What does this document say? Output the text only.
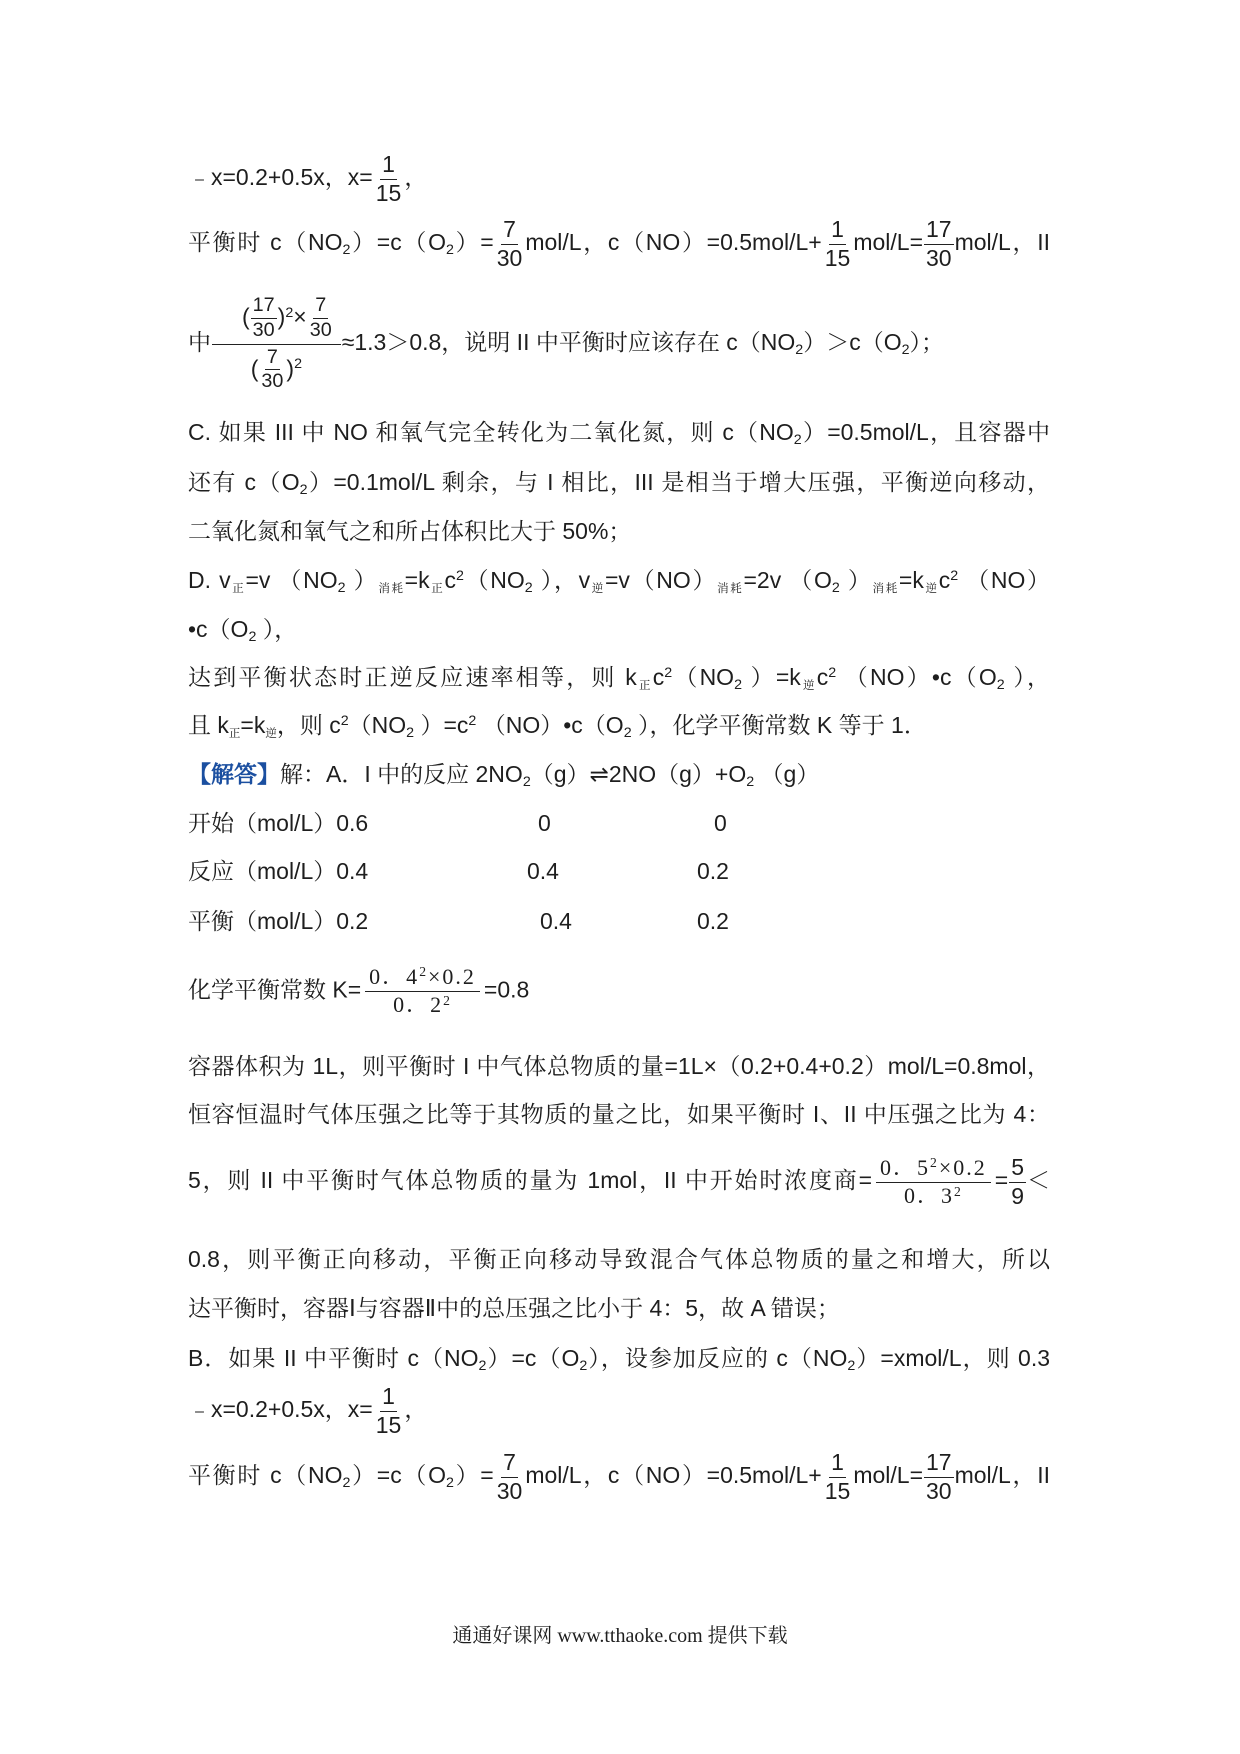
﹣x=0.2+0.5x，$x= \frac{1}{15}$ ，
平衡时 $c(NO_2)=c(O_2)= \frac{7}{30} mol/L$，$c(NO)=0.5mol/L+ \frac{1}{15} mol/L= \frac{17}{30} mol/L$，II
中 $\frac{( \frac{17}{30} )^2\times \frac{7}{30}}{( \frac{7}{30} )^2} \approx 1.3>0.8$，说明 II 中平衡时应该存在 $c(NO_2)>c(O_2)$；
C. 如果 III 中 NO 和氧气完全转化为二氧化氮，则 $c(NO_2)=0.5mol/L$，且容器中
还有 $c(O_2)=0.1mol/L$ 剩余，与 I 相比，III 是相当于增大压强，平衡逆向移动，
二氧化氮和氧气之和所占体积比大于 50%；
D. $v_正=v$ （$NO_2$ ）$_{消耗}=k_正c^2(NO_2$ ），$v_逆=v(NO)_{消耗}=2v$ （$O_2$ ）$_{消耗}=k_逆c^2$ （NO）
$•c(O_2$ ），
达到平衡状态时正逆反应速率相等，则 $k_正c^2(NO_2$ ）$=k_逆c^2$ $(NO)•c(O_2$ ），
且 $k_正=k_逆$，则 $c^2(NO_2$ ）$=c^2$ $(NO)•c(O_2$ ），化学平衡常数 K 等于 1．
【解答】解：A．I 中的反应 $2NO_2(g)\rightleftharpoons 2NO(g)+O_2$ （g）
开始（mol/L）0.6	0	0
反应（mol/L）0.4	0.4	0.2
平衡（mol/L）0.2	0.4	0.2
化学平衡常数 $K= \frac{0.4^2\times 0.2}{0.2^2} =0.8$
容器体积为 1L，则平衡时 I 中气体总物质的量=1L×（0.2+0.4+0.2）mol/L=0.8mol，
恒容恒温时气体压强之比等于其物质的量之比，如果平衡时 I、II 中压强之比为 4：
5，则 II 中平衡时气体总物质的量为 1mol，II 中开始时浓度商= $\frac{0.5^2\times 0.2}{0.3^2} = \frac{5}{9}$ ＜
0.8，则平衡正向移动，平衡正向移动导致混合气体总物质的量之和增大，所以
达平衡时，容器Ⅰ与容器Ⅱ中的总压强之比小于 4：5，故 A 错误；
B．如果 II 中平衡时 $c(NO_2)=c(O_2)$，设参加反应的 $c(NO_2)=xmol/L$，则 0.3
﹣x=0.2+0.5x，$x= \frac{1}{15}$ ，
平衡时 $c(NO_2)=c(O_2)= \frac{7}{30} mol/L$，$c(NO)=0.5mol/L+ \frac{1}{15} mol/L= \frac{17}{30} mol/L$，II
通通好课网 www.tthaoke.com 提供下载
